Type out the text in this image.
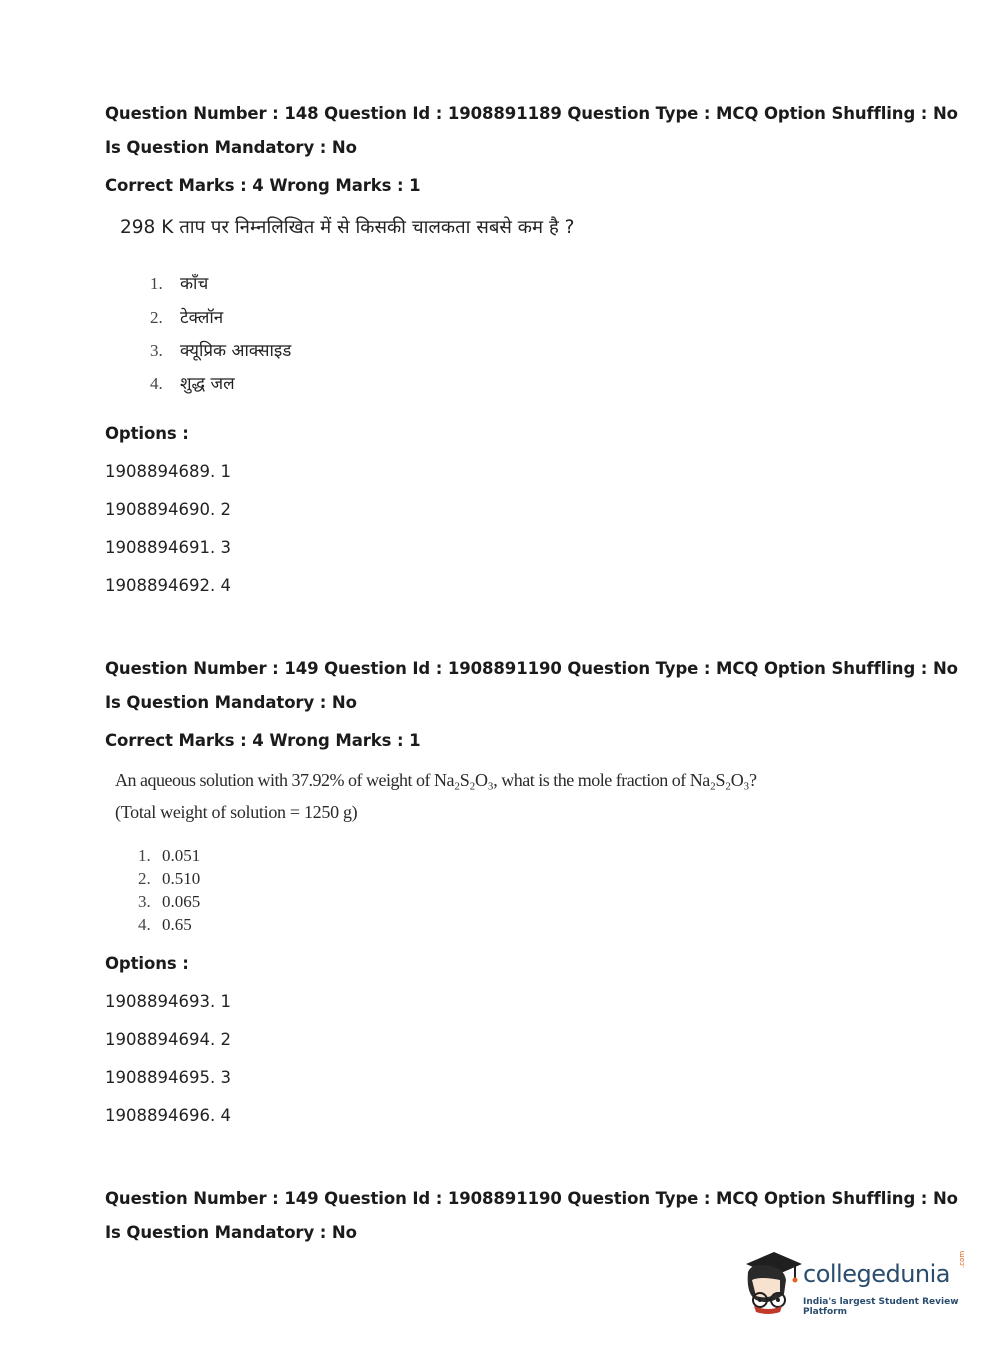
Question Number : 148 Question Id : 1908891189 Question Type : MCQ Option Shuffling : No
Is Question Mandatory : No
Correct Marks : 4 Wrong Marks : 1
298 K ताप पर निम्नलिखित में से किसकी चालकता सबसे कम है ?
1. काँच
2. टेक्लॉन
3. क्यूप्रिक आक्साइड
4. शुद्ध जल
Options :
1908894689. 1
1908894690. 2
1908894691. 3
1908894692. 4
Question Number : 149 Question Id : 1908891190 Question Type : MCQ Option Shuffling : No
Is Question Mandatory : No
Correct Marks : 4 Wrong Marks : 1
An aqueous solution with 37.92% of weight of Na₂S₂O₃, what is the mole fraction of Na₂S₂O₃?
(Total weight of solution = 1250 g)
1. 0.051
2. 0.510
3. 0.065
4. 0.65
Options :
1908894693. 1
1908894694. 2
1908894695. 3
1908894696. 4
Question Number : 149 Question Id : 1908891190 Question Type : MCQ Option Shuffling : No
Is Question Mandatory : No
collegedunia
.com
India's largest Student Review Platform
